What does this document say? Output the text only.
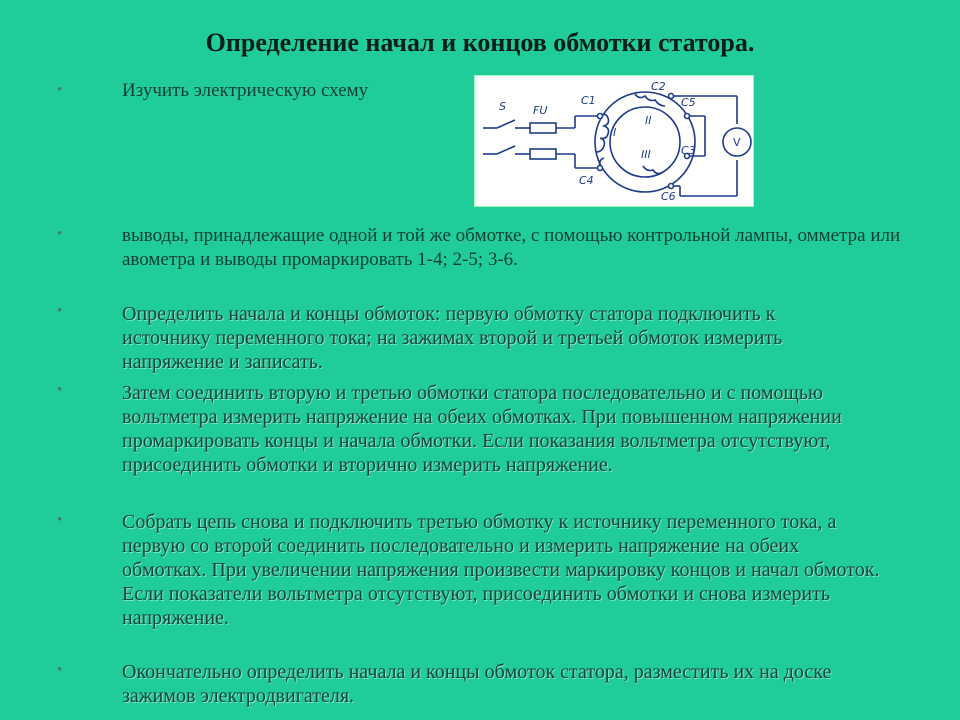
Определение начал и концов обмотки статора.
•	Изучить электрическую схему
S FU
C1
C2
C5
C3
C4
C6
I
II
III
V
•	выводы, принадлежащие одной и той же обмотке, с помощью контрольной лампы, омметра или авометра и выводы промаркировать 1-4; 2-5; 3-6.
•	Определить начала и концы обмоток: первую обмотку статора подключить к источнику переменного тока; на зажимах второй и третьей обмоток измерить напряжение и записать.
•	Затем соединить вторую и третью обмотки статора последовательно и с помощью вольтметра измерить напряжение на обеих обмотках. При повышенном напряжении промаркировать концы и начала обмотки. Если показания вольтметра отсутствуют, присоединить обмотки и вторично измерить напряжение.
•	Собрать цепь снова и подключить третью обмотку к источнику переменного тока, а первую со второй соединить последовательно и измерить напряжение на обеих обмотках. При увеличении напряжения произвести маркировку концов и начал обмоток. Если показатели вольтметра отсутствуют, присоединить обмотки и снова измерить напряжение.
•	Окончательно определить начала и концы обмоток статора, разместить их на доске зажимов электродвигателя.
